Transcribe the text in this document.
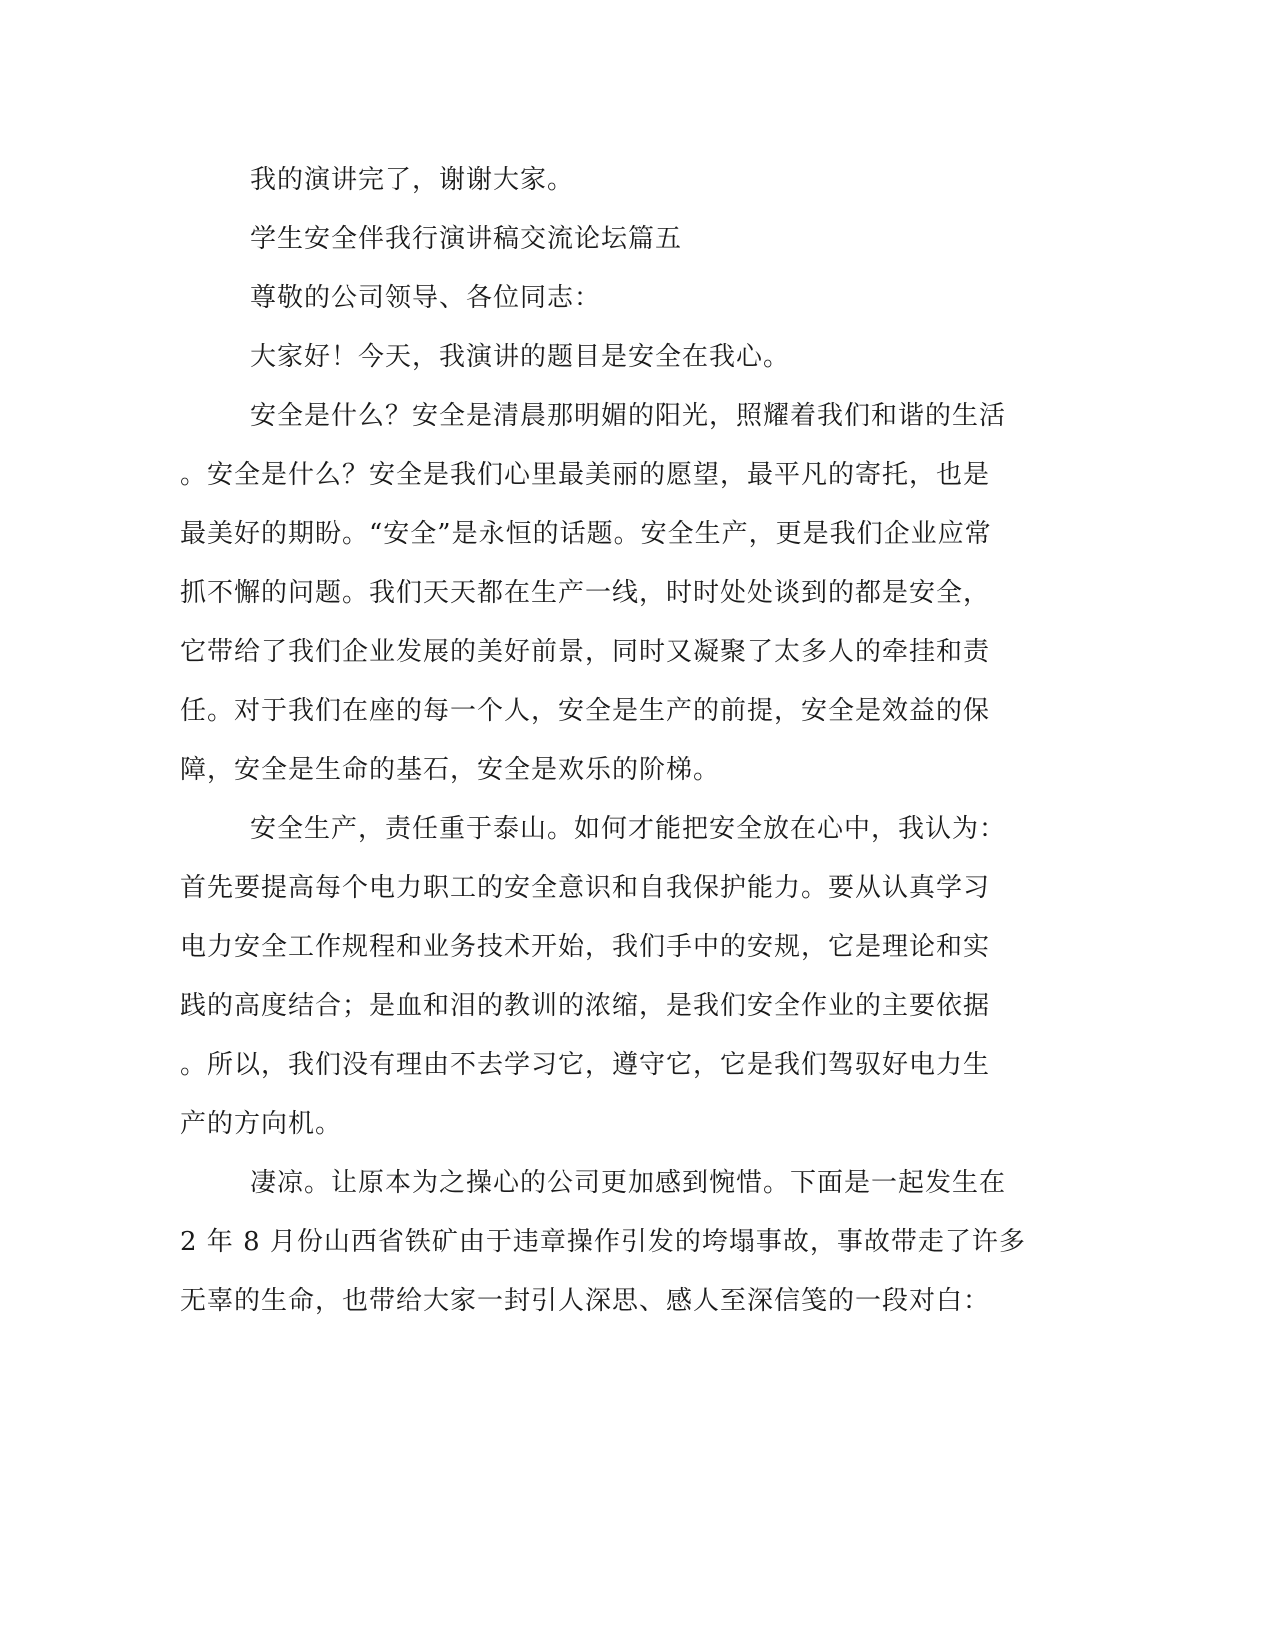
我的演讲完了，谢谢大家。

学生安全伴我行演讲稿交流论坛篇五

尊敬的公司领导、各位同志：

大家好！今天，我演讲的题目是安全在我心。

安全是什么？安全是清晨那明媚的阳光，照耀着我们和谐的生活

。安全是什么？安全是我们心里最美丽的愿望，最平凡的寄托，也是

最美好的期盼。“安全”是永恒的话题。安全生产，更是我们企业应常

抓不懈的问题。我们天天都在生产一线，时时处处谈到的都是安全，

它带给了我们企业发展的美好前景，同时又凝聚了太多人的牵挂和责

任。对于我们在座的每一个人，安全是生产的前提，安全是效益的保

障，安全是生命的基石，安全是欢乐的阶梯。

安全生产，责任重于泰山。如何才能把安全放在心中，我认为：

首先要提高每个电力职工的安全意识和自我保护能力。要从认真学习

电力安全工作规程和业务技术开始，我们手中的安规，它是理论和实

践的高度结合；是血和泪的教训的浓缩，是我们安全作业的主要依据

。所以，我们没有理由不去学习它，遵守它，它是我们驾驭好电力生

产的方向机。

凄凉。让原本为之操心的公司更加感到惋惜。下面是一起发生在

2 年 8 月份山西省铁矿由于违章操作引发的垮塌事故，事故带走了许多

无辜的生命，也带给大家一封引人深思、感人至深信笺的一段对白：
